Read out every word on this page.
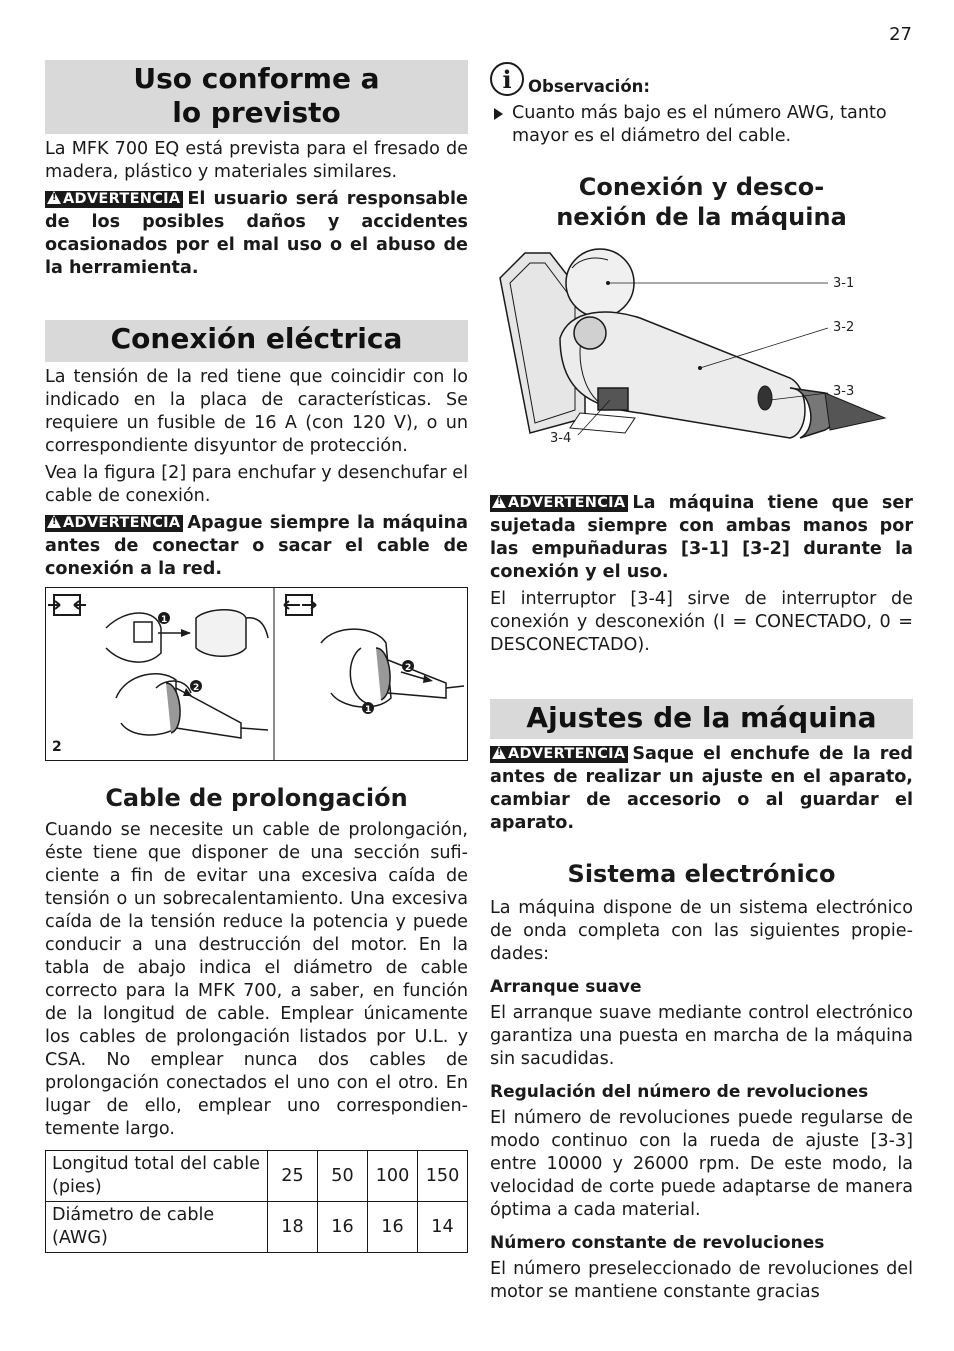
27
Uso conforme a
lo previsto

La MFK 700 EQ está prevista para el fresado de madera, plástico y materiales similares.

!ADVERTENCIA El usuario será responsable de los posibles daños y accidentes ocasionados por el mal uso o el abuso de la herramienta.

Conexión eléctrica

La tensión de la red tiene que coincidir con lo indicado en la placa de características. Se requiere un fusible de 16 A (con 120 V), o un correspondiente disyuntor de protección.

Vea la figura [2] para enchufar y desenchufar el cable de conexión.

!ADVERTENCIA Apague siempre la máquina antes de conectar o sacar el cable de conexión a la red.

1
2
2
1
2
Cable de prolongación

Cuando se necesite un cable de prolongación, éste tiene que disponer de una sección suficiente a fin de evitar una excesiva caída de tensión o un sobrecalentamiento. Una excesiva caída de la tensión reduce la potencia y puede conducir a una destrucción del motor. En la tabla de abajo indica el diámetro de cable correcto para la MFK 700, a saber, en función de la longitud de cable. Emplear únicamente los cables de prolongación listados por U.L. y CSA. No emplear nunca dos cables de prolongación conectados el uno con el otro. En lugar de ello, emplear uno correspondientemente largo.

Longitud total del cable (pies)	25	50	100	150
Diámetro de cable (AWG)	18	16	16	14
i Observación:
Cuanto más bajo es el número AWG, tanto mayor es el diámetro del cable.
Conexión y desco-
nexión de la máquina
3-1
3-2
3-3
3-4

!ADVERTENCIA La máquina tiene que ser sujetada siempre con ambas manos por las empuñaduras [3-1] [3-2] durante la conexión y el uso.

El interruptor [3-4] sirve de interruptor de conexión y desconexión (I = CONECTADO, 0 = DESCONECTADO).

Ajustes de la máquina

!ADVERTENCIA Saque el enchufe de la red antes de realizar un ajuste en el aparato, cambiar de accesorio o al guardar el aparato.

Sistema electrónico

La máquina dispone de un sistema electrónico de onda completa con las siguientes propiedades:

Arranque suave

El arranque suave mediante control electrónico garantiza una puesta en marcha de la máquina sin sacudidas.

Regulación del número de revoluciones

El número de revoluciones puede regularse de modo continuo con la rueda de ajuste [3-3] entre 10000 y 26000 rpm. De este modo, la velocidad de corte puede adaptarse de manera óptima a cada material.

Número constante de revoluciones

El número preseleccionado de revoluciones del motor se mantiene constante gracias
